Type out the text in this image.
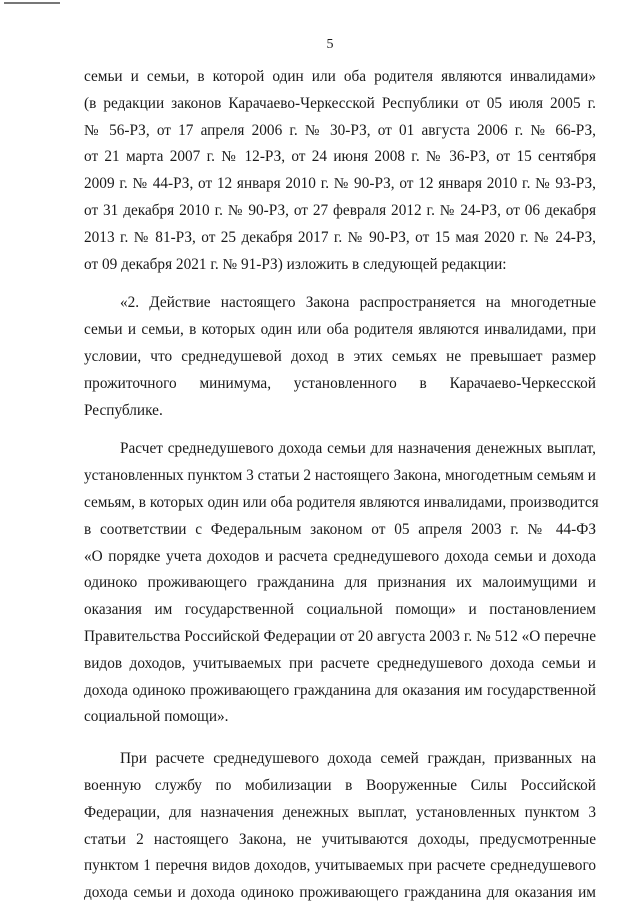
5
семьи и семьи, в которой один или оба родителя являются инвалидами»
(в редакции законов Карачаево-Черкесской Республики от 05 июля 2005 г.
№ 56-РЗ, от 17 апреля 2006 г. № 30-РЗ, от 01 августа 2006 г. № 66-РЗ,
от 21 марта 2007 г. № 12-РЗ, от 24 июня 2008 г. № 36-РЗ, от 15 сентября
2009 г. № 44-РЗ, от 12 января 2010 г. № 90-РЗ, от 12 января 2010 г. № 93-РЗ,
от 31 декабря 2010 г. № 90-РЗ, от 27 февраля 2012 г. № 24-РЗ, от 06 декабря
2013 г. № 81-РЗ, от 25 декабря 2017 г. № 90-РЗ, от 15 мая 2020 г. № 24-РЗ,
от 09 декабря 2021 г. № 91-РЗ) изложить в следующей редакции:
«2. Действие настоящего Закона распространяется на многодетные
семьи и семьи, в которых один или оба родителя являются инвалидами, при
условии, что среднедушевой доход в этих семьях не превышает размер
прожиточного минимума, установленного в Карачаево-Черкесской
Республике.
Расчет среднедушевого дохода семьи для назначения денежных выплат,
установленных пунктом 3 статьи 2 настоящего Закона, многодетным семьям и
семьям, в которых один или оба родителя являются инвалидами, производится
в соответствии с Федеральным законом от 05 апреля 2003 г. № 44-ФЗ
«О порядке учета доходов и расчета среднедушевого дохода семьи и дохода
одиноко проживающего гражданина для признания их малоимущими и
оказания им государственной социальной помощи» и постановлением
Правительства Российской Федерации от 20 августа 2003 г. № 512 «О перечне
видов доходов, учитываемых при расчете среднедушевого дохода семьи и
дохода одиноко проживающего гражданина для оказания им государственной
социальной помощи».
При расчете среднедушевого дохода семей граждан, призванных на
военную службу по мобилизации в Вооруженные Силы Российской
Федерации, для назначения денежных выплат, установленных пунктом 3
статьи 2 настоящего Закона, не учитываются доходы, предусмотренные
пунктом 1 перечня видов доходов, учитываемых при расчете среднедушевого
дохода семьи и дохода одиноко проживающего гражданина для оказания им
